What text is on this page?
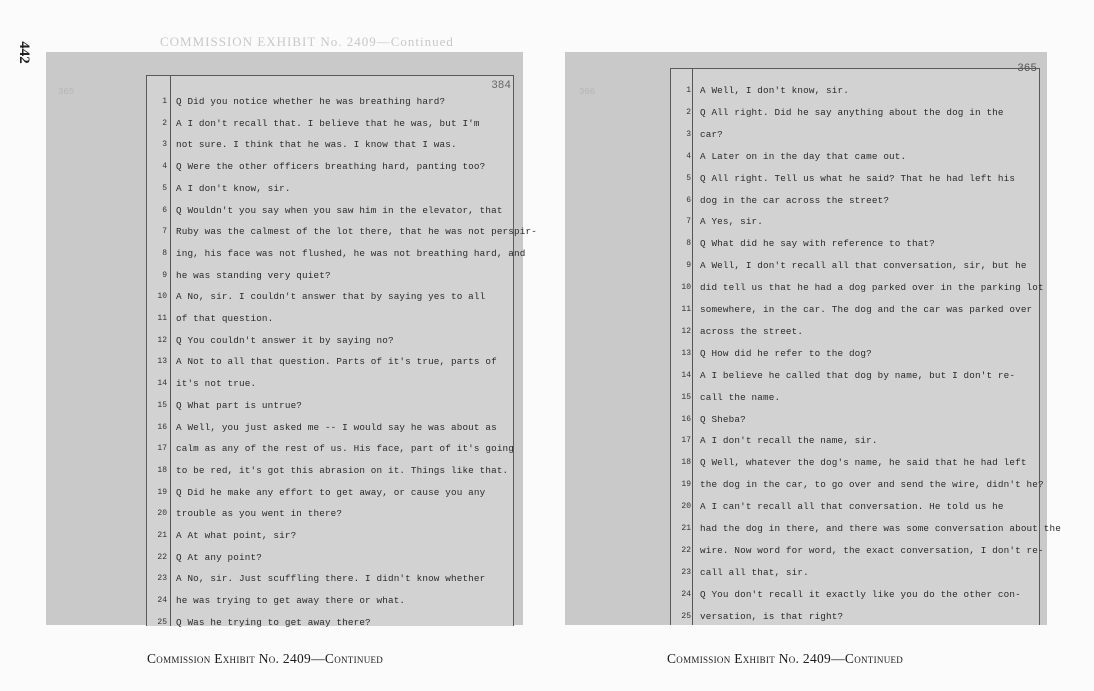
442	COMMISSION EXHIBIT No. 2409—Continued
365	384
1 Q Did you notice whether he was breathing hard?
2 A I don't recall that. I believe that he was, but I'm
3 not sure. I think that he was. I know that I was.
4 Q Were the other officers breathing hard, panting too?
5 A I don't know, sir.
6 Q Wouldn't you say when you saw him in the elevator, that
7 Ruby was the calmest of the lot there, that he was not perspir-
8 ing, his face was not flushed, he was not breathing hard, and
9 he was standing very quiet?
10 A No, sir. I couldn't answer that by saying yes to all
11 of that question.
12 Q You couldn't answer it by saying no?
13 A Not to all that question. Parts of it's true, parts of
14 it's not true.
15 Q What part is untrue?
16 A Well, you just asked me -- I would say he was about as
17 calm as any of the rest of us. His face, part of it's going
18 to be red, it's got this abrasion on it. Things like that.
19 Q Did he make any effort to get away, or cause you any
20 trouble as you went in there?
21 A At what point, sir?
22 Q At any point?
23 A No, sir. Just scuffling there. I didn't know whether
24 he was trying to get away there or what.
25 Q Was he trying to get away there?
366
365
1 A Well, I don't know, sir.
2 Q All right. Did he say anything about the dog in the
3 car?
4 A Later on in the day that came out.
5 Q All right. Tell us what he said? That he had left his
6 dog in the car across the street?
7 A Yes, sir.
8 Q What did he say with reference to that?
9 A Well, I don't recall all that conversation, sir, but he
10 did tell us that he had a dog parked over in the parking lot
11 somewhere, in the car. The dog and the car was parked over
12 across the street.
13 Q How did he refer to the dog?
14 A I believe he called that dog by name, but I don't re-
15 call the name.
16 Q Sheba?
17 A I don't recall the name, sir.
18 Q Well, whatever the dog's name, he said that he had left
19 the dog in the car, to go over and send the wire, didn't he?
20 A I can't recall all that conversation. He told us he
21 had the dog in there, and there was some conversation about the
22 wire. Now word for word, the exact conversation, I don't re-
23 call all that, sir.
24 Q You don't recall it exactly like you do the other con-
25 versation, is that right?
Commission Exhibit No. 2409—Continued	Commission Exhibit No. 2409—Continued
